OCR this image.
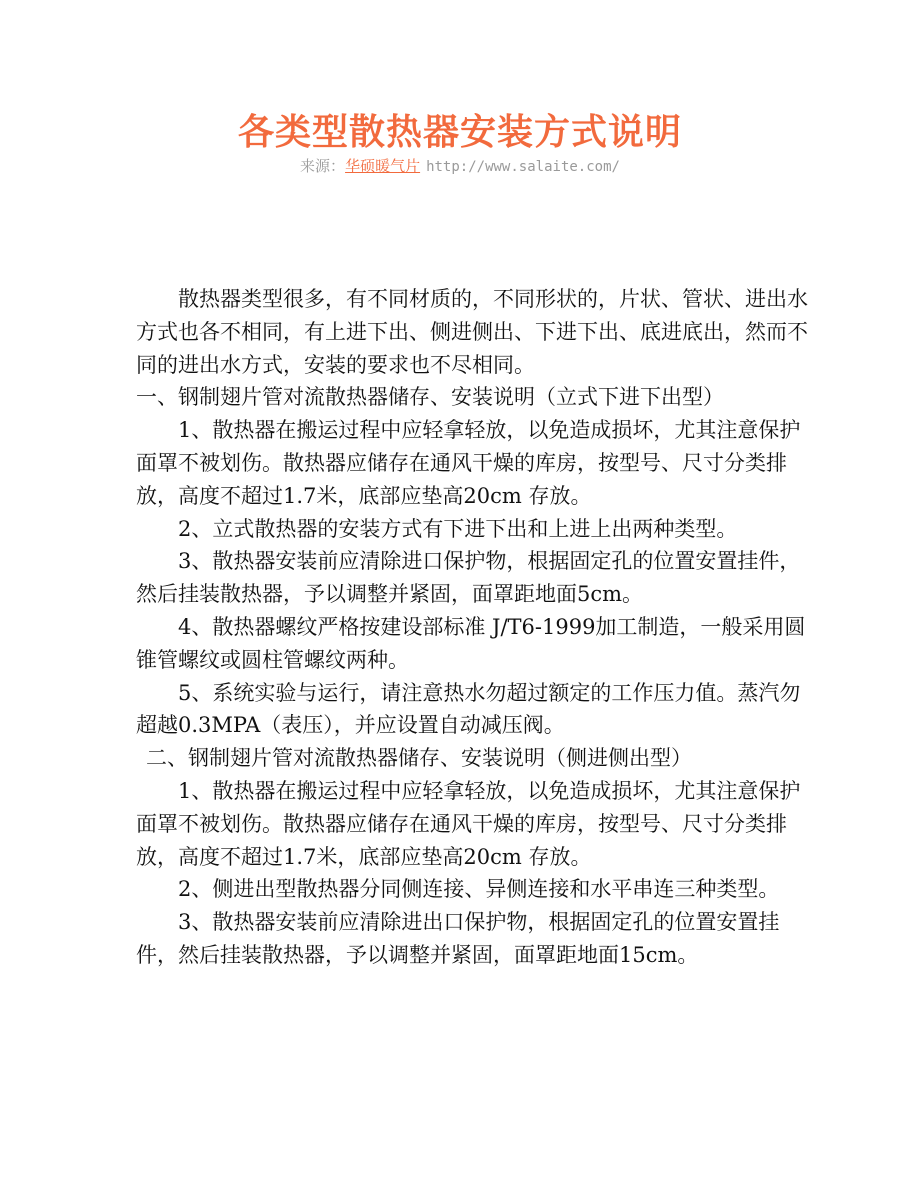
各类型散热器安装方式说明
来源：华硕暖气片 http://www.salaite.com/

散热器类型很多，有不同材质的，不同形状的，片状、管状、进出水方式也各不相同，有上进下出、侧进侧出、下进下出、底进底出，然而不同的进出水方式，安装的要求也不尽相同。

一、钢制翅片管对流散热器储存、安装说明（立式下进下出型）

1、散热器在搬运过程中应轻拿轻放，以免造成损坏，尤其注意保护面罩不被划伤。散热器应储存在通风干燥的库房，按型号、尺寸分类排放，高度不超过1.7米，底部应垫高20cm 存放。

2、立式散热器的安装方式有下进下出和上进上出两种类型。

3、散热器安装前应清除进口保护物，根据固定孔的位置安置挂件，然后挂装散热器，予以调整并紧固，面罩距地面5cm。

4、散热器螺纹严格按建设部标准 J/T6-1999加工制造，一般采用圆锥管螺纹或圆柱管螺纹两种。

5、系统实验与运行，请注意热水勿超过额定的工作压力值。蒸汽勿超越0.3MPA（表压），并应设置自动减压阀。

二、钢制翅片管对流散热器储存、安装说明（侧进侧出型）

1、散热器在搬运过程中应轻拿轻放，以免造成损坏，尤其注意保护面罩不被划伤。散热器应储存在通风干燥的库房，按型号、尺寸分类排放，高度不超过1.7米，底部应垫高20cm 存放。

2、侧进出型散热器分同侧连接、异侧连接和水平串连三种类型。

3、散热器安装前应清除进出口保护物，根据固定孔的位置安置挂件，然后挂装散热器，予以调整并紧固，面罩距地面15cm。
